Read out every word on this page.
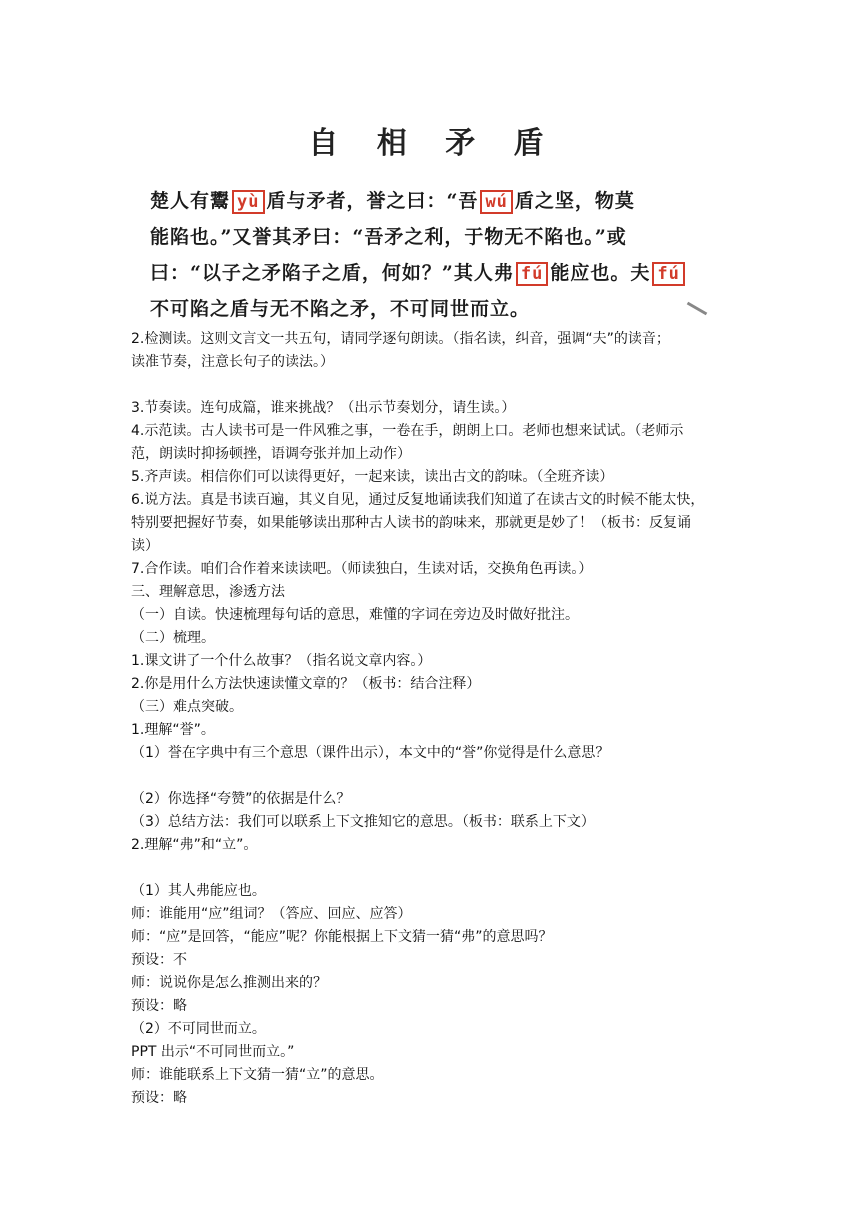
自 相 矛 盾
楚人有鬻 yù 盾与矛者，誉之曰：“吾 wú 盾之坚，物莫
能陷也。”又誉其矛曰：“吾矛之利，于物无不陷也。”或
曰：“以子之矛陷子之盾，何如？”其人弗 fú 能应也。夫 fú
不可陷之盾与无不陷之矛，不可同世而立。
2.检测读。这则文言文一共五句，请同学逐句朗读。（指名读，纠音，强调“夫”的读音；
读准节奏，注意长句子的读法。）
3.节奏读。连句成篇，谁来挑战？（出示节奏划分，请生读。）
4.示范读。古人读书可是一件风雅之事，一卷在手，朗朗上口。老师也想来试试。（老师示
范，朗读时抑扬顿挫，语调夸张并加上动作）
5.齐声读。相信你们可以读得更好，一起来读，读出古文的韵味。（全班齐读）
6.说方法。真是书读百遍，其义自见，通过反复地诵读我们知道了在读古文的时候不能太快，
特别要把握好节奏，如果能够读出那种古人读书的韵味来，那就更是妙了！（板书：反复诵
读）
7.合作读。咱们合作着来读读吧。（师读独白，生读对话，交换角色再读。）
三、理解意思，渗透方法
（一）自读。快速梳理每句话的意思，难懂的字词在旁边及时做好批注。
（二）梳理。
1.课文讲了一个什么故事？（指名说文章内容。）
2.你是用什么方法快速读懂文章的？（板书：结合注释）
（三）难点突破。
1.理解“誉”。
（1）誉在字典中有三个意思（课件出示），本文中的“誉”你觉得是什么意思？
（2）你选择“夸赞”的依据是什么？
（3）总结方法：我们可以联系上下文推知它的意思。（板书：联系上下文）
2.理解“弗”和“立”。
（1）其人弗能应也。
师：谁能用“应”组词？（答应、回应、应答）
师：“应”是回答，“能应”呢？你能根据上下文猜一猜“弗”的意思吗？
预设：不
师：说说你是怎么推测出来的？
预设：略
（2）不可同世而立。
PPT 出示“不可同世而立。”
师：谁能联系上下文猜一猜“立”的意思。
预设：略
